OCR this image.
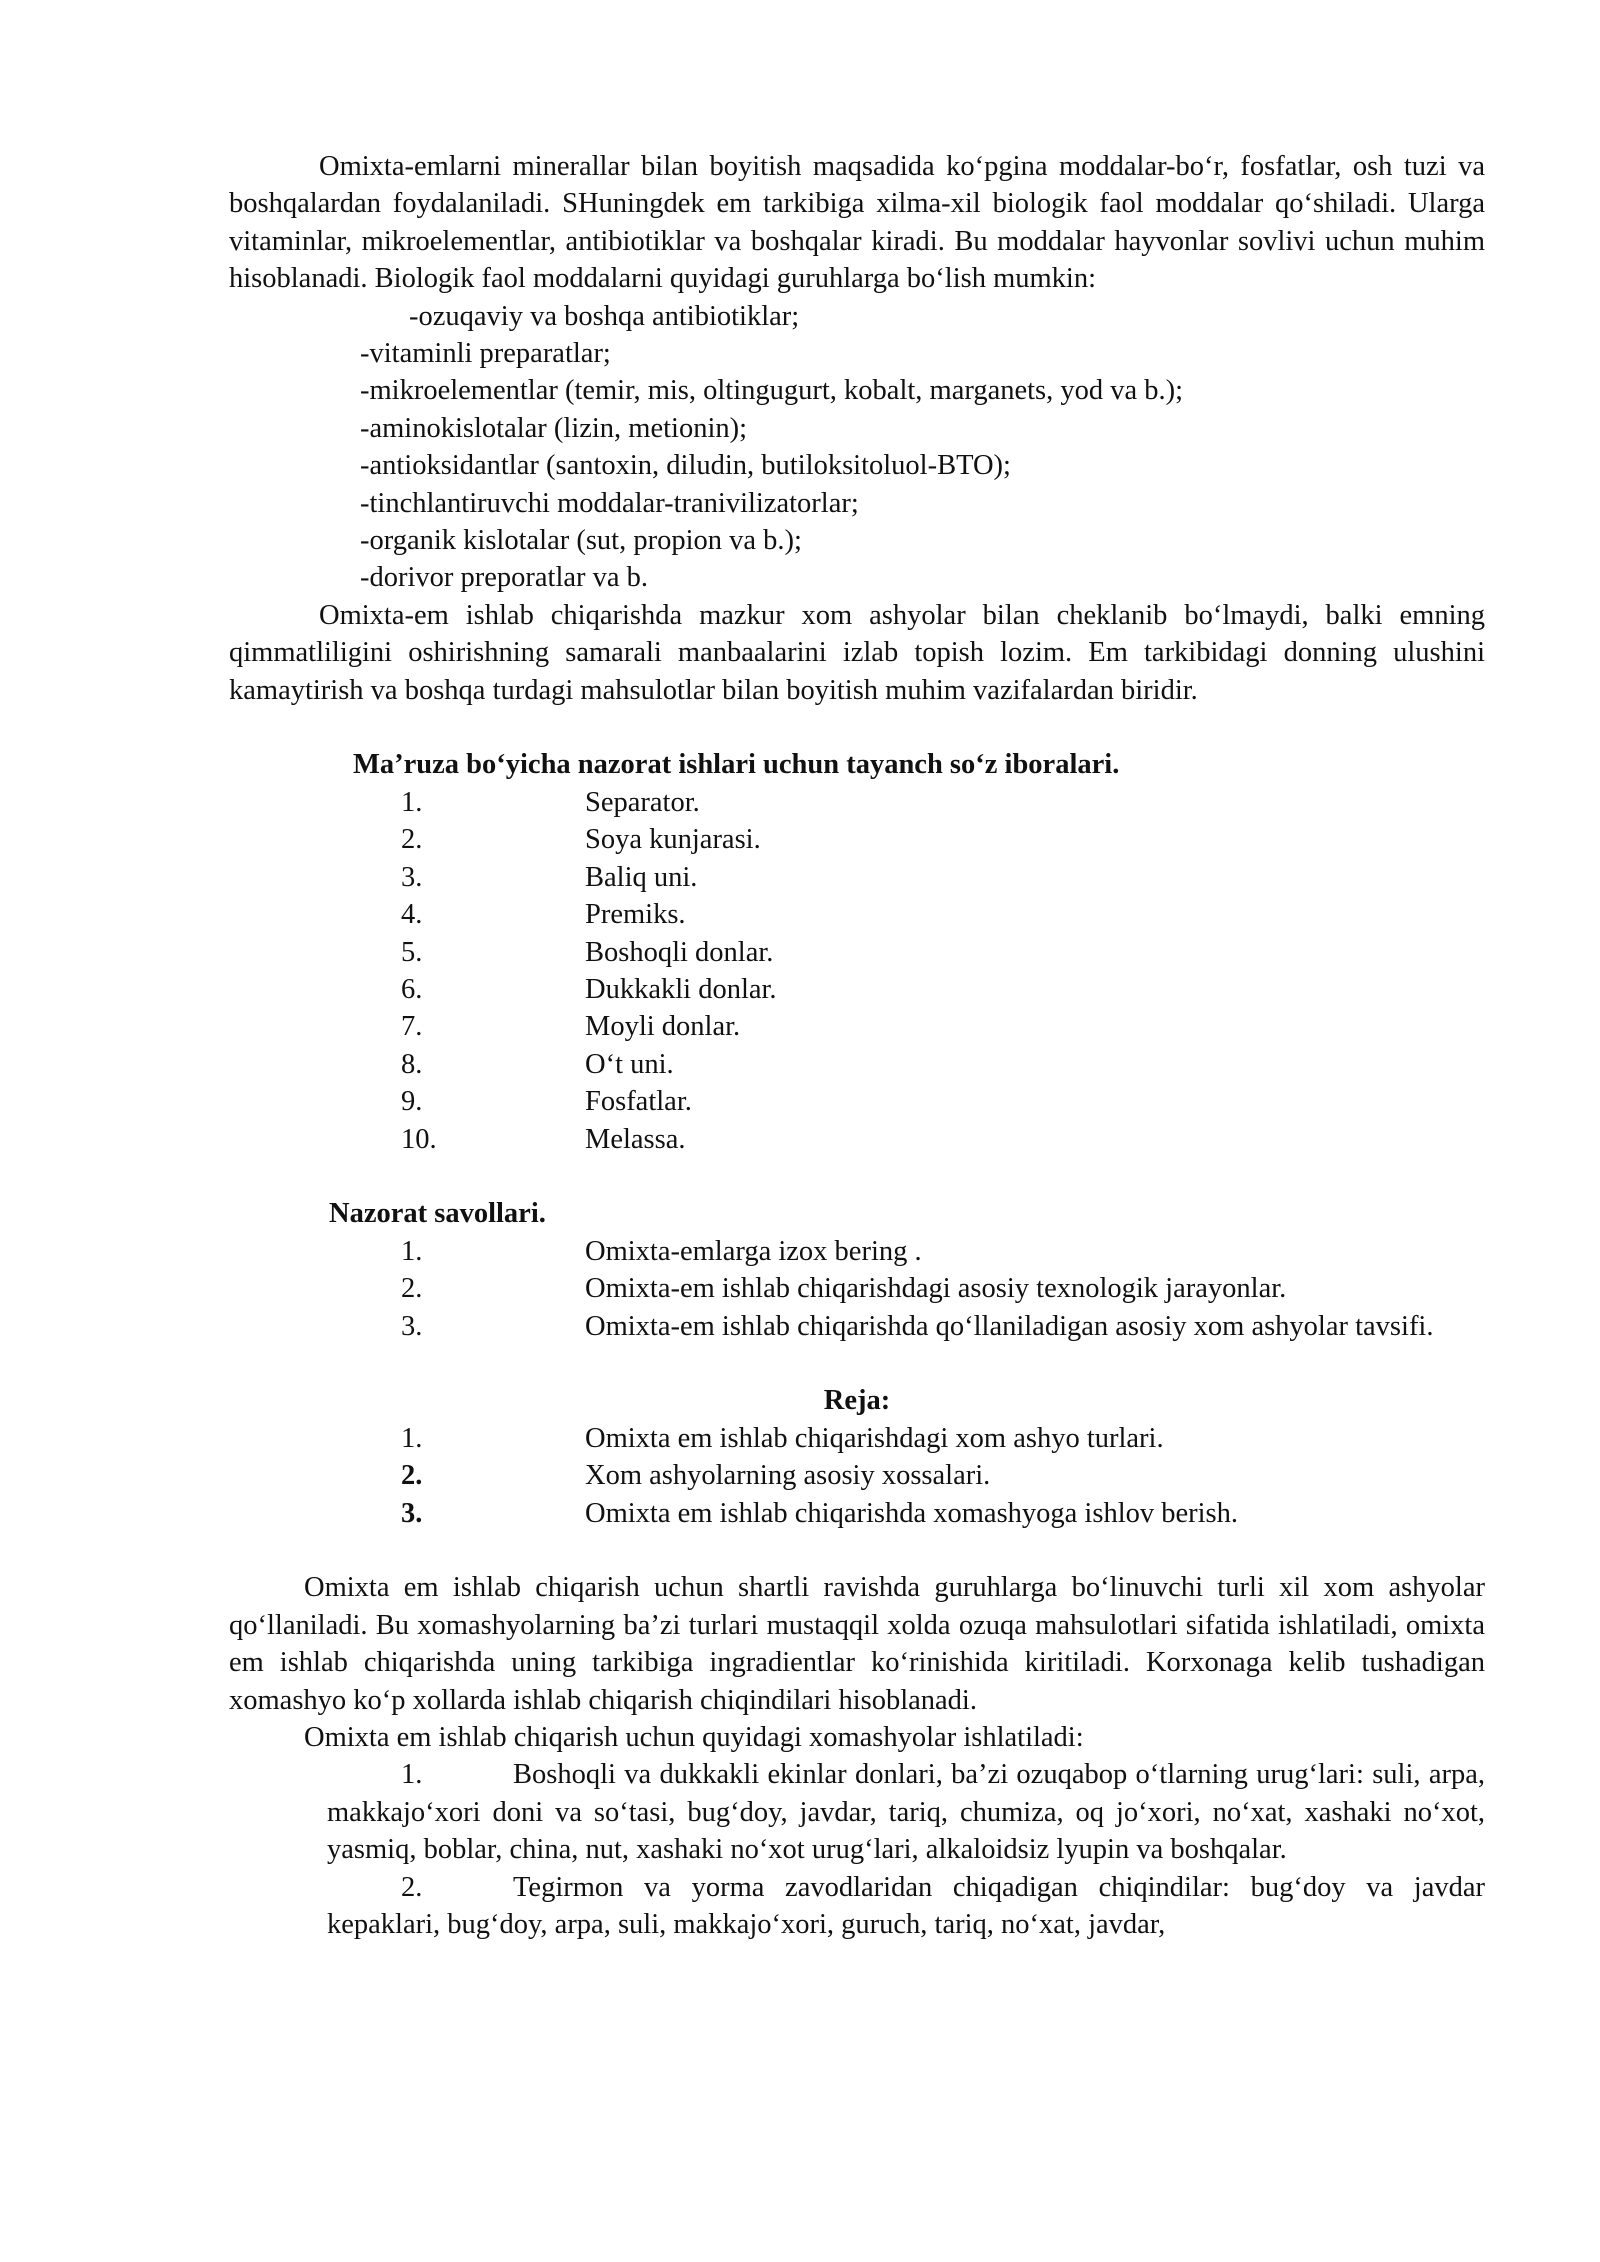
Omixta-emlarni minerallar bilan boyitish maqsadida ko‘pgina moddalar-bo‘r, fosfatlar, osh tuzi va boshqalardan foydalaniladi. SHuningdek em tarkibiga xilma-xil biologik faol moddalar qo‘shiladi. Ularga vitaminlar, mikroelementlar, antibiotiklar va boshqalar kiradi. Bu moddalar hayvonlar sovlivi uchun muhim hisoblanadi. Biologik faol moddalarni quyidagi guruhlarga bo‘lish mumkin:

-ozuqaviy va boshqa antibiotiklar;
-vitaminli preparatlar;
-mikroelementlar (temir, mis, oltingugurt, kobalt, marganets, yod va b.);
-aminokislotalar (lizin, metionin);
-antioksidantlar (santoxin, diludin, butiloksitoluol-BTO);
-tinchlantiruvchi moddalar-tranivilizatorlar;
-organik kislotalar (sut, propion va b.);
-dorivor preporatlar va b.

Omixta-em ishlab chiqarishda mazkur xom ashyolar bilan cheklanib bo‘lmaydi, balki emning qimmatliligini oshirishning samarali manbaalarini izlab topish lozim. Em tarkibidagi donning ulushini kamaytirish va boshqa turdagi mahsulotlar bilan boyitish muhim vazifalardan biridir.

Ma’ruza bo‘yicha nazorat ishlari uchun tayanch so‘z iboralari.

1.	Separator.
2.	Soya kunjarasi.
3.	Baliq uni.
4.	Premiks.
5.	Boshoqli donlar.
6.	Dukkakli donlar.
7.	Moyli donlar.
8.	O‘t uni.
9.	Fosfatlar.
10.	Melassa.

Nazorat savollari.

1.	Omixta-emlarga izox bering .
2.	Omixta-em ishlab chiqarishdagi asosiy texnologik jarayonlar.
3.	Omixta-em ishlab chiqarishda qo‘llaniladigan asosiy xom ashyolar tavsifi.

Reja:

1.	Omixta em ishlab chiqarishdagi xom ashyo turlari.
2.	Xom ashyolarning asosiy xossalari.
3.	Omixta em ishlab chiqarishda xomashyoga ishlov berish.

Omixta em ishlab chiqarish uchun shartli ravishda guruhlarga bo‘linuvchi turli xil xom ashyolar qo‘llaniladi. Bu xomashyolarning ba’zi turlari mustaqqil xolda ozuqa mahsulotlari sifatida ishlatiladi, omixta em ishlab chiqarishda uning tarkibiga ingradientlar ko‘rinishida kiritiladi. Korxonaga kelib tushadigan xomashyo ko‘p xollarda ishlab chiqarish chiqindilari hisoblanadi.

Omixta em ishlab chiqarish uchun quyidagi xomashyolar ishlatiladi:

1.	Boshoqli va dukkakli ekinlar donlari, ba’zi ozuqabop o‘tlarning urug‘lari: suli, arpa, makkajo‘xori doni va so‘tasi, bug‘doy, javdar, tariq, chumiza, oq jo‘xori, no‘xat, xashaki no‘xot, yasmiq, boblar, china, nut, xashaki no‘xot urug‘lari, alkaloidsiz lyupin va boshqalar.

2.	Tegirmon va yorma zavodlaridan chiqadigan chiqindilar: bug‘doy va javdar kepaklari, bug‘doy, arpa, suli, makkajo‘xori, guruch, tariq, no‘xat, javdar,
